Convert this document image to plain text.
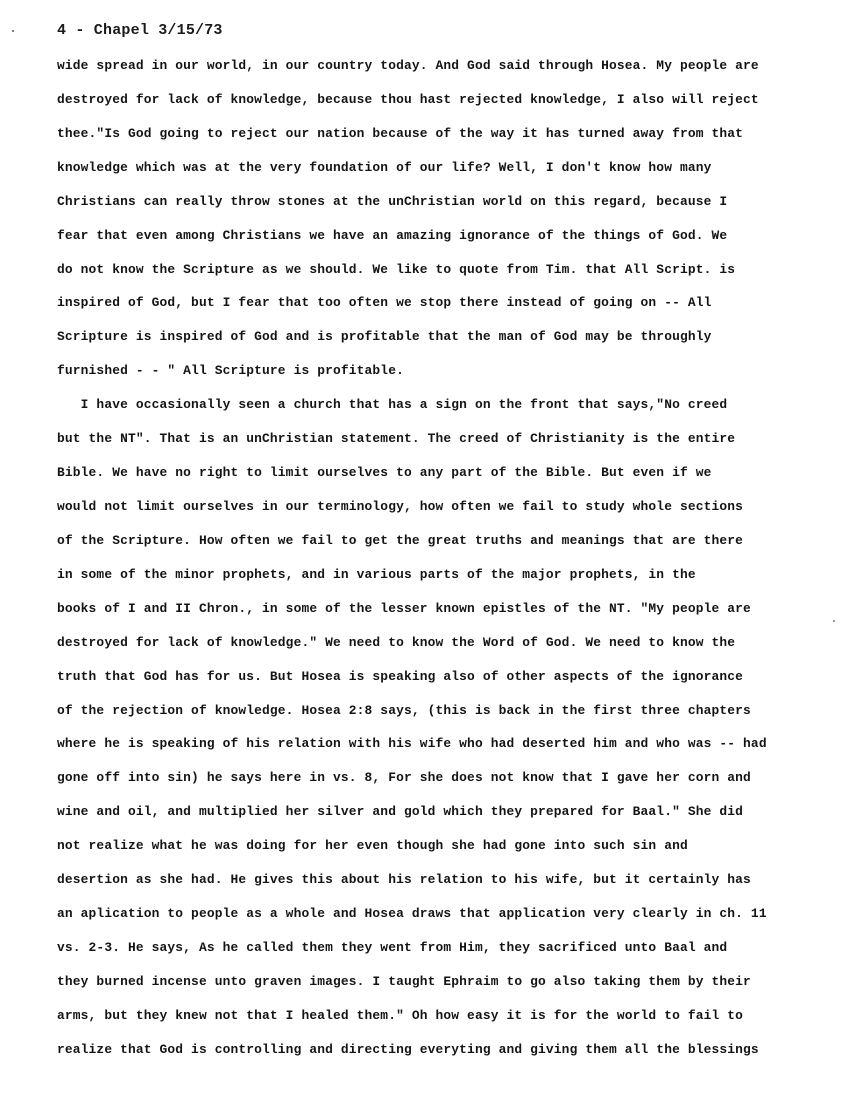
4 - Chapel 3/15/73
wide spread in our world, in our country today. And God said through Hosea. My people are
destroyed for lack of knowledge, because thou hast rejected knowledge, I also will reject
thee."Is God going to reject our nation because of the way it has turned away from that
knowledge which was at the very foundation of our life? Well, I don't know how many
Christians can really throw stones at the unChristian world on this regard, because I
fear that even among Christians we have an amazing ignorance of the things of God. We
do not know the Scripture as we should. We like to quote from Tim. that All Script. is
inspired of God, but I fear that too often we stop there instead of going on -- All
Scripture is inspired of God and is profitable that the man of God may be throughly
furnished - - " All Scripture is profitable.
I have occasionally seen a church that has a sign on the front that says,"No creed
but the NT". That is an unChristian statement. The creed of Christianity is the entire
Bible. We have no right to limit ourselves to any part of the Bible. But even if we
would not limit ourselves in our terminology, how often we fail to study whole sections
of the Scripture. How often we fail to get the great truths and meanings that are there
in some of the minor prophets, and in various parts of the major prophets, in the
books of I and II Chron., in some of the lesser known epistles of the NT. "My people are
destroyed for lack of knowledge." We need to know the Word of God. We need to know the
truth that God has for us. But Hosea is speaking also of other aspects of the ignorance
of the rejection of knowledge. Hosea 2:8 says, (this is back in the first three chapters
where he is speaking of his relation with his wife who had deserted him and who was -- had
gone off into sin) he says here in vs. 8, For she does not know that I gave her corn and
wine and oil, and multiplied her silver and gold which they prepared for Baal." She did
not realize what he was doing for her even though she had gone into such sin and
desertion as she had. He gives this about his relation to his wife, but it certainly has
an aplication to people as a whole and Hosea draws that application very clearly in ch. 11
vs. 2-3. He says, As he called them they went from Him, they sacrificed unto Baal and
they burned incense unto graven images. I taught Ephraim to go also taking them by their
arms, but they knew not that I healed them." Oh how easy it is for the world to fail to
realize that God is controlling and directing everyting and giving them all the blessings
